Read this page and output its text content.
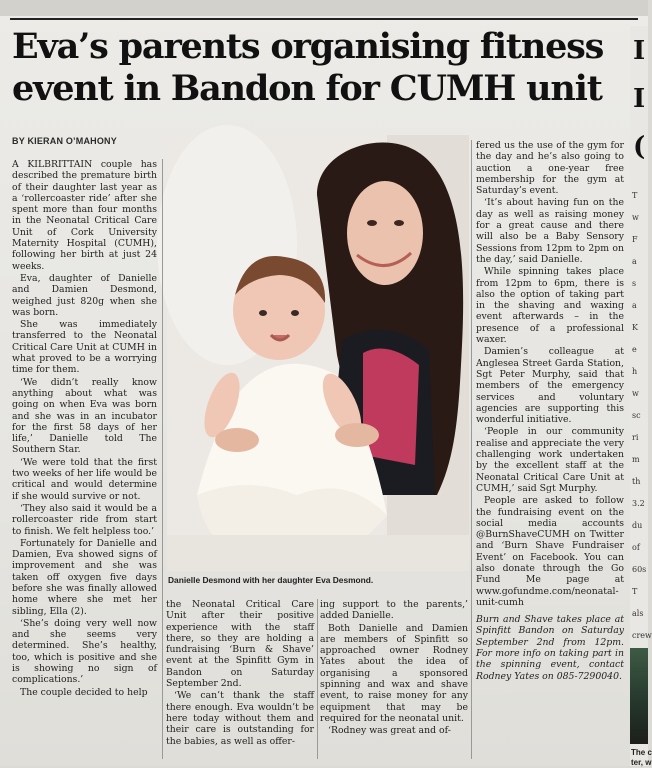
Eva’s parents organising fitness event in Bandon for CUMH unit
BY KIERAN O’MAHONY

A KILBRITTAIN couple has described the premature birth of their daughter last year as a ‘rollercoaster ride’ after she spent more than four months in the Neonatal Critical Care Unit of Cork University Maternity Hospital (CUMH), following her birth at just 24 weeks.

Eva, daughter of Danielle and Damien Desmond, weighed just 820g when she was born.

She was immediately transferred to the Neonatal Critical Care Unit at CUMH in what proved to be a worrying time for them.

‘We didn’t really know anything about what was going on when Eva was born and she was in an incubator for the first 58 days of her life,’ Danielle told The Southern Star.

‘We were told that the first two weeks of her life would be critical and would determine if she would survive or not.

‘They also said it would be a rollercoaster ride from start to finish. We felt helpless too.’

Fortunately for Danielle and Damien, Eva showed signs of improvement and she was taken off oxygen five days before she was finally allowed home where she met her sibling, Ella (2).

‘She’s doing very well now and she seems very determined. She’s healthy, too, which is positive and she is showing no sign of complications.’

The couple decided to help

Danielle Desmond with her daughter Eva Desmond.

the Neonatal Critical Care Unit after their positive experience with the staff there, so they are holding a fundraising ‘Burn & Shave’ event at the Spinfitt Gym in Bandon on Saturday September 2nd.

‘We can’t thank the staff there enough. Eva wouldn’t be here today without them and their care is outstanding for the babies, as well as offer-

ing support to the parents,’ added Danielle.

Both Danielle and Damien are members of Spinfitt so approached owner Rodney Yates about the idea of organising a sponsored spinning and wax and shave event, to raise money for any equipment that may be required for the neonatal unit.

‘Rodney was great and of-

fered us the use of the gym for the day and he’s also going to auction a one-year free membership for the gym at Saturday’s event.

‘It’s about having fun on the day as well as raising money for a great cause and there will also be a Baby Sensory Sessions from 12pm to 2pm on the day,’ said Danielle.

While spinning takes place from 12pm to 6pm, there is also the option of taking part in the shaving and waxing event afterwards – in the presence of a professional waxer.

Damien’s colleague at Anglesea Street Garda Station, Sgt Peter Murphy, said that members of the emergency services and voluntary agencies are supporting this wonderful initiative.

‘People in our community realise and appreciate the very challenging work undertaken by the excellent staff at the Neonatal Critical Care Unit at CUMH,’ said Sgt Murphy.

People are asked to follow the fundraising event on the social media accounts @BurnShaveCUMH on Twitter and ‘Burn Shave Fundraiser Event’ on Facebook. You can also donate through the Go Fund Me page at www.gofundme.com/neonatal-unit-cumh

Burn and Shave takes place at Spinfitt Bandon on Saturday September 2nd from 12pm. For more info on taking part in the spinning event, contact Rodney Yates on 085-7290040.

I
I
(
T
w
F
a
s
a
K
e
h
w
sc
ri
m
th
3.2
du
of
60s
T
als
crew
The c
ter, w
